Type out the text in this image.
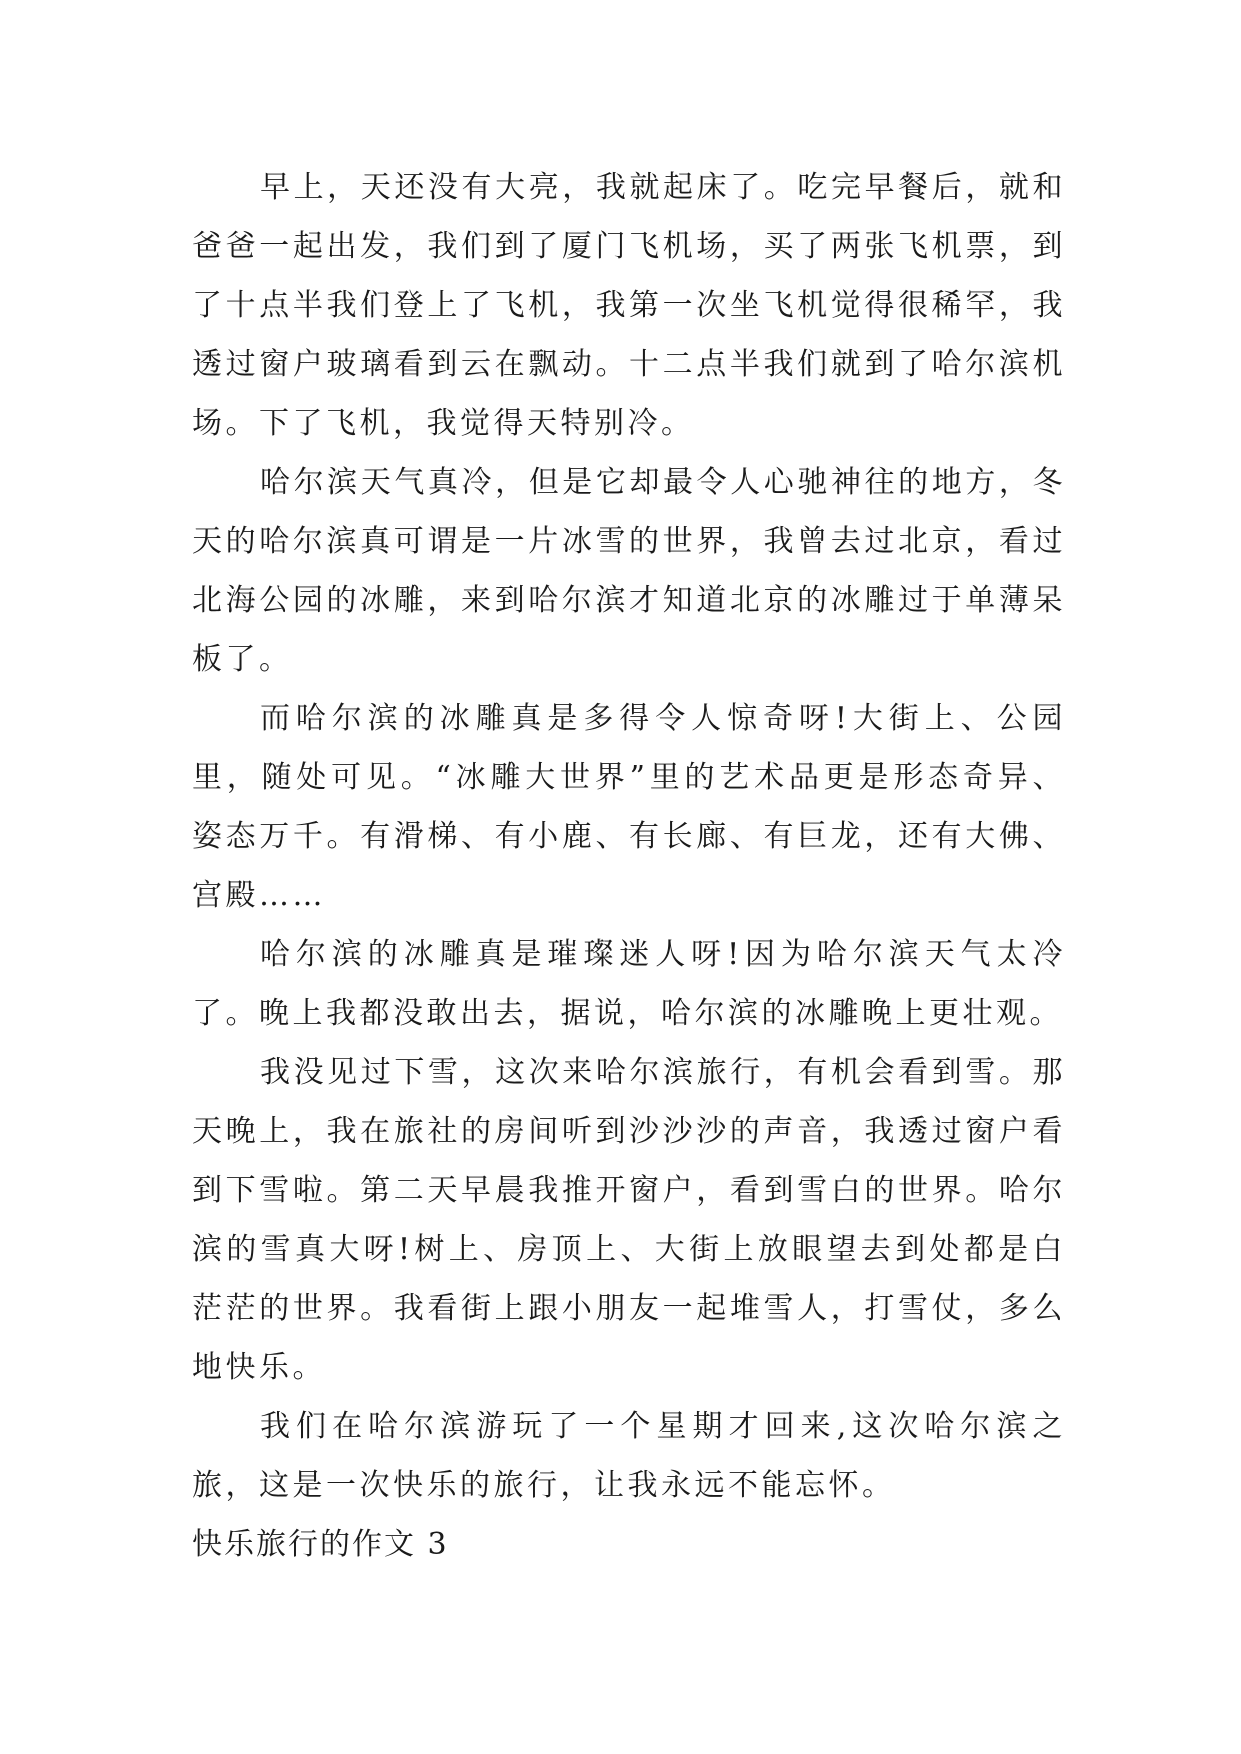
早上，天还没有大亮，我就起床了。吃完早餐后，就和爸爸一起出发，我们到了厦门飞机场，买了两张飞机票，到了十点半我们登上了飞机，我第一次坐飞机觉得很稀罕，我透过窗户玻璃看到云在飘动。十二点半我们就到了哈尔滨机场。下了飞机，我觉得天特别冷。

哈尔滨天气真冷，但是它却最令人心驰神往的地方，冬天的哈尔滨真可谓是一片冰雪的世界，我曾去过北京，看过北海公园的冰雕，来到哈尔滨才知道北京的冰雕过于单薄呆板了。

而哈尔滨的冰雕真是多得令人惊奇呀!大街上、公园里，随处可见。“冰雕大世界”里的艺术品更是形态奇异、姿态万千。有滑梯、有小鹿、有长廊、有巨龙，还有大佛、宫殿……

哈尔滨的冰雕真是璀璨迷人呀!因为哈尔滨天气太冷了。晚上我都没敢出去，据说，哈尔滨的冰雕晚上更壮观。

我没见过下雪，这次来哈尔滨旅行，有机会看到雪。那天晚上，我在旅社的房间听到沙沙沙的声音，我透过窗户看到下雪啦。第二天早晨我推开窗户，看到雪白的世界。哈尔滨的雪真大呀!树上、房顶上、大街上放眼望去到处都是白茫茫的世界。我看街上跟小朋友一起堆雪人，打雪仗，多么地快乐。

我们在哈尔滨游玩了一个星期才回来,这次哈尔滨之旅，这是一次快乐的旅行，让我永远不能忘怀。

快乐旅行的作文 3
